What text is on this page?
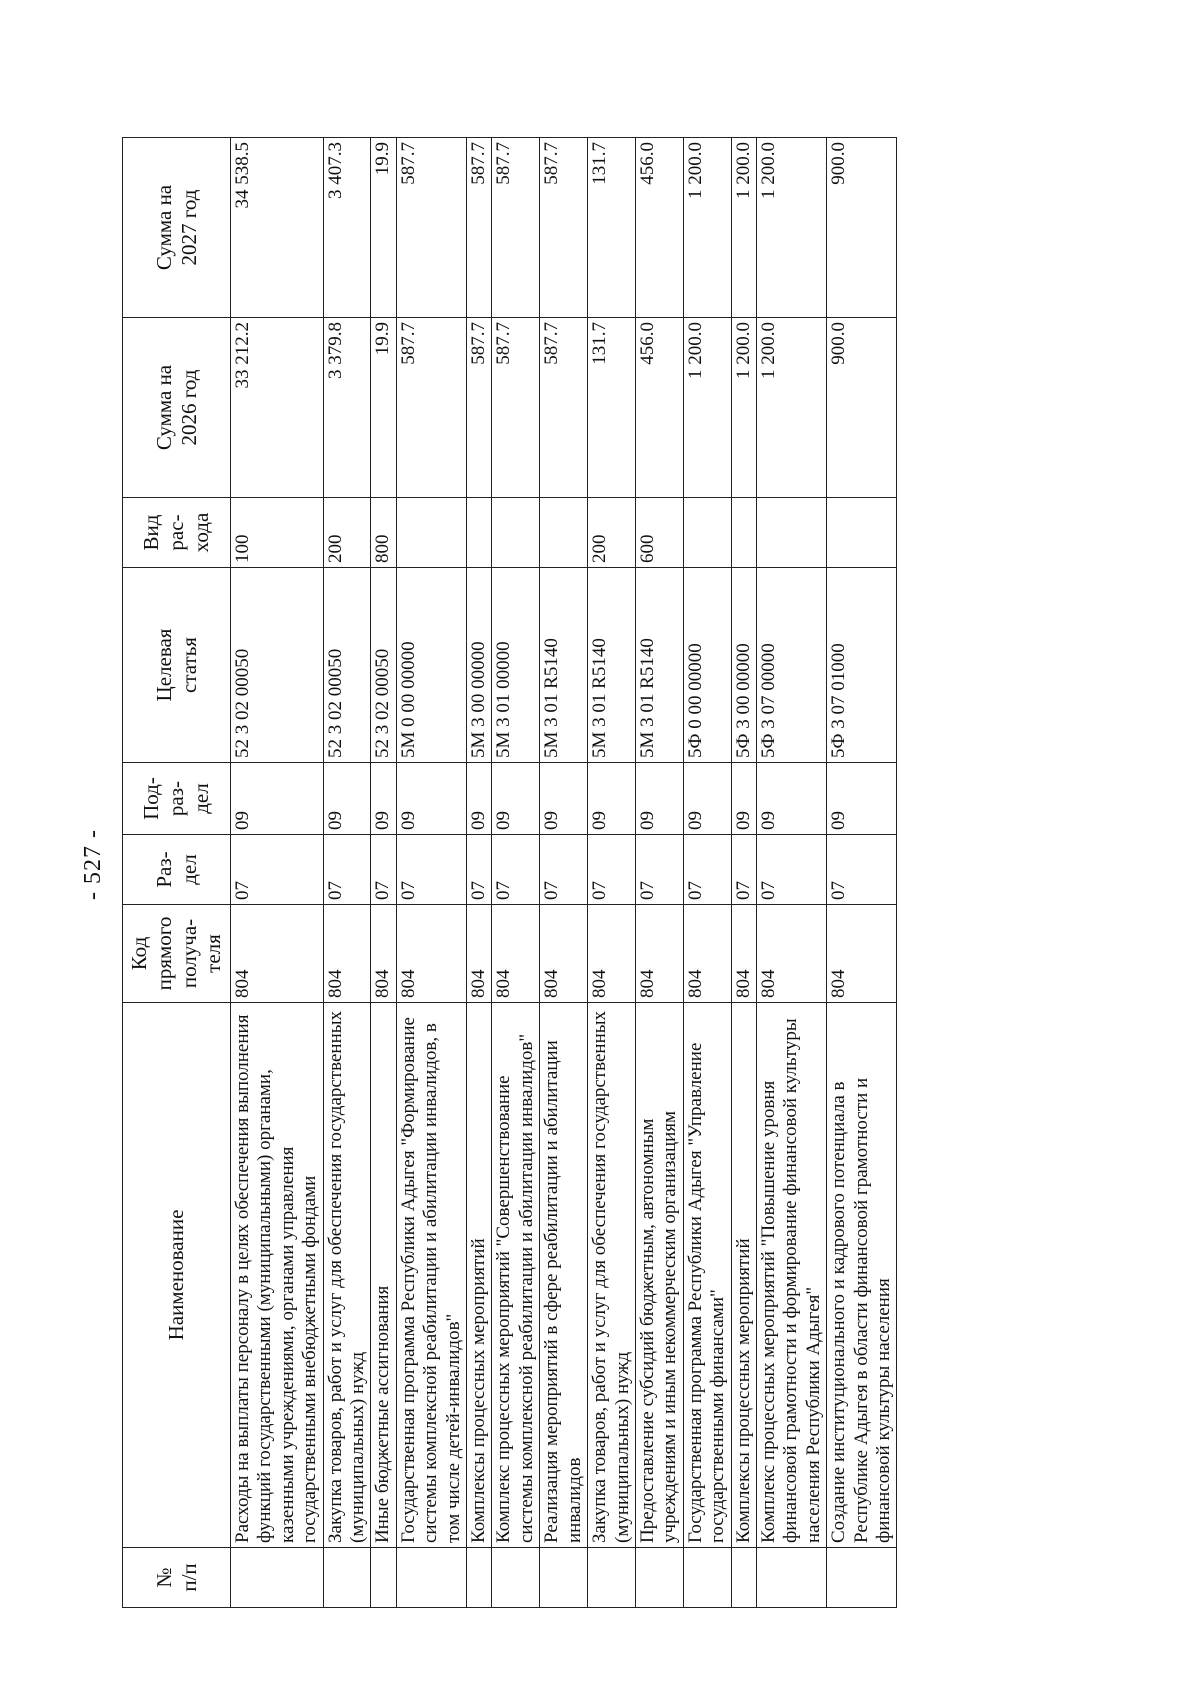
- 527 -
№
п/п	Наименование	Код
прямого
получа-
теля	Раз-
дел	Под-
раз-
дел	Целевая
статья	Вид
рас-
хода	Сумма на
2026 год	Сумма на
2027 год
	Расходы на выплаты персоналу в целях обеспечения выполнения функций государственными (муниципальными) органами, казенными учреждениями, органами управления государственными внебюджетными фондами	804	07	09	52 3 02 00050	100	33 212.2	34 538.5
	Закупка товаров, работ и услуг для обеспечения государственных (муниципальных) нужд	804	07	09	52 3 02 00050	200	3 379.8	3 407.3
	Иные бюджетные ассигнования	804	07	09	52 3 02 00050	800	19.9	19.9
	Государственная программа Республики Адыгея "Формирование системы комплексной реабилитации и абилитации инвалидов, в том числе детей-инвалидов"	804	07	09	5М 0 00 00000		587.7	587.7
	Комплексы процессных мероприятий	804	07	09	5М 3 00 00000		587.7	587.7
	Комплекс процессных мероприятий "Совершенствование системы комплексной реабилитации и абилитации инвалидов"	804	07	09	5М 3 01 00000		587.7	587.7
	Реализация мероприятий в сфере реабилитации и абилитации инвалидов	804	07	09	5М 3 01 R5140		587.7	587.7
	Закупка товаров, работ и услуг для обеспечения государственных (муниципальных) нужд	804	07	09	5М 3 01 R5140	200	131.7	131.7
	Предоставление субсидий бюджетным, автономным учреждениям и иным некоммерческим организациям	804	07	09	5М 3 01 R5140	600	456.0	456.0
	Государственная программа Республики Адыгея "Управление государственными финансами"	804	07	09	5Ф 0 00 00000		1 200.0	1 200.0
	Комплексы процессных мероприятий	804	07	09	5Ф 3 00 00000		1 200.0	1 200.0
	Комплекс процессных мероприятий "Повышение уровня финансовой грамотности и формирование финансовой культуры населения Республики Адыгея"	804	07	09	5Ф 3 07 00000		1 200.0	1 200.0
	Создание институционального и кадрового потенциала в Республике Адыгея в области финансовой грамотности и финансовой культуры населения	804	07	09	5Ф 3 07 01000		900.0	900.0
